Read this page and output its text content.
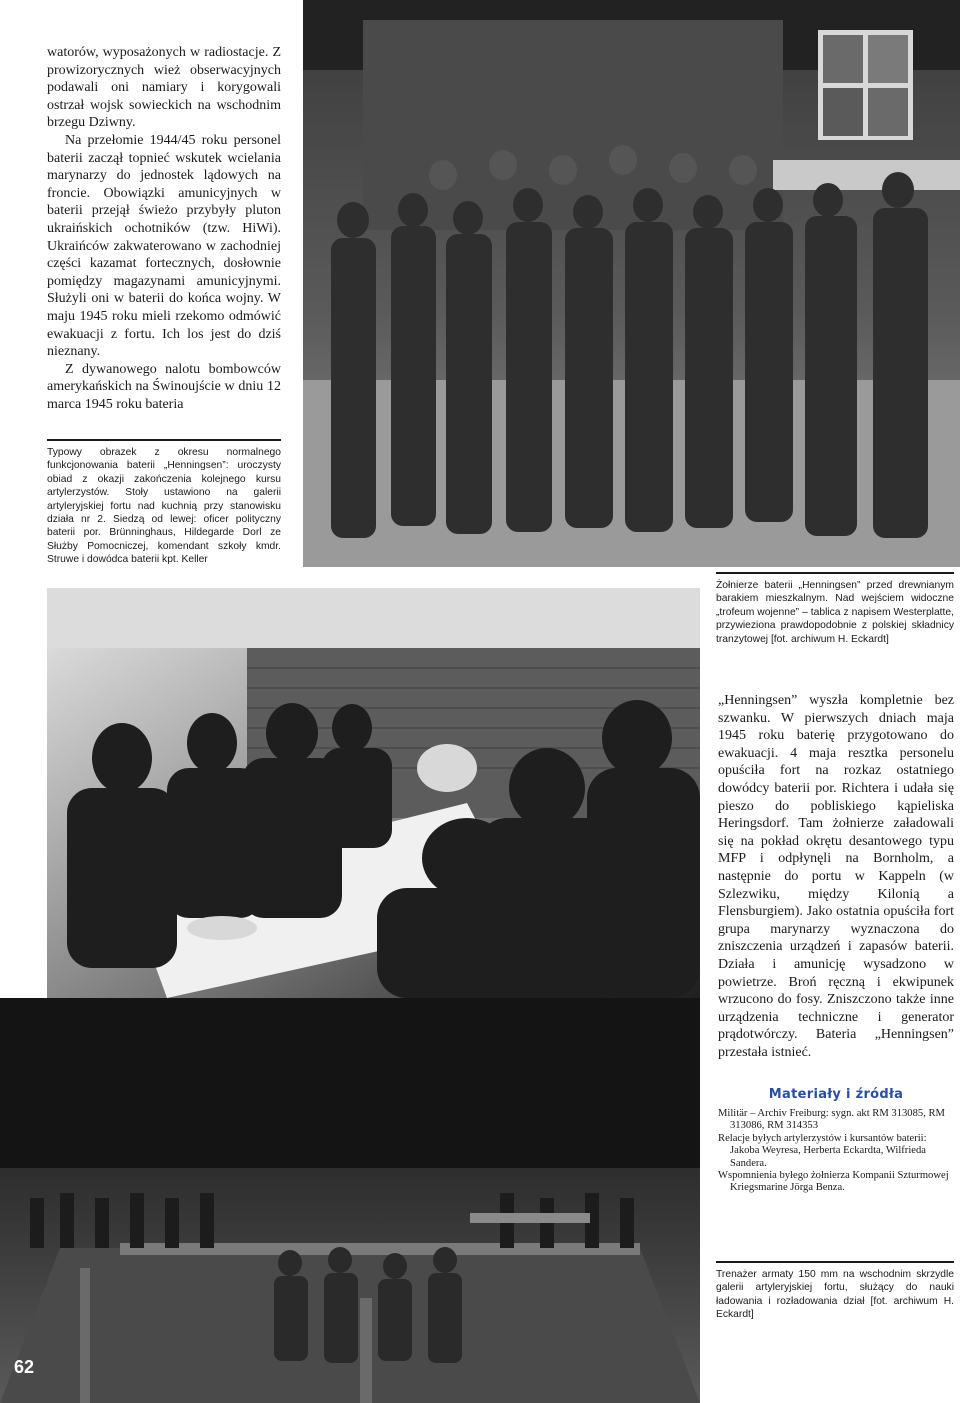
watorów, wyposażonych w radiostacje. Z prowizorycznych wież obserwacyjnych podawali oni namiary i korygowali ostrzał wojsk sowieckich na wschodnim brzegu Dziwny.

Na przełomie 1944/45 roku personel baterii zaczął topnieć wskutek wcielania marynarzy do jednostek lądowych na froncie. Obowiązki amunicyjnych w baterii przejął świeżo przybyły pluton ukraińskich ochotników (tzw. HiWi). Ukraińców zakwaterowano w zachodniej części kazamat fortecznych, dosłownie pomiędzy magazynami amunicyjnymi. Służyli oni w baterii do końca wojny. W maju 1945 roku mieli rzekomo odmówić ewakuacji z fortu. Ich los jest do dziś nieznany.

Z dywanowego nalotu bombowców amerykańskich na Świnoujście w dniu 12 marca 1945 roku bateria

Typowy obrazek z okresu normalnego funkcjonowania baterii „Henningsen”: uroczysty obiad z okazji zakończenia kolejnego kursu artylerzystów. Stoły ustawiono na galerii artyleryjskiej fortu nad kuchnią przy stanowisku działa nr 2. Siedzą od lewej: oficer polityczny baterii por. Brünninghaus, Hildegarde Dorl ze Służby Pomocniczej, komendant szkoły kmdr. Struwe i dowódca baterii kpt. Keller
Żołnierze baterii „Henningsen” przed drewnianym barakiem mieszkalnym. Nad wejściem widoczne „trofeum wojenne” – tablica z napisem Westerplatte, przywieziona prawdopodobnie z polskiej składnicy tranzytowej [fot. archiwum H. Eckardt]

„Henningsen” wyszła kompletnie bez szwanku. W pierwszych dniach maja 1945 roku baterię przygotowano do ewakuacji. 4 maja resztka personelu opuściła fort na rozkaz ostatniego dowódcy baterii por. Richtera i udała się pieszo do pobliskiego kąpieliska Heringsdorf. Tam żołnierze załadowali się na pokład okrętu desantowego typu MFP i odpłynęli na Bornholm, a następnie do portu w Kappeln (w Szlezwiku, między Kilonią a Flensburgiem). Jako ostatnia opuściła fort grupa marynarzy wyznaczona do zniszczenia urządzeń i zapasów baterii. Działa i amunicję wysadzono w powietrze. Broń ręczną i ekwipunek wrzucono do fosy. Zniszczono także inne urządzenia techniczne i generator prądotwórczy. Bateria „Henningsen” przestała istnieć.

Materiały i źródła

Militär – Archiv Freiburg: sygn. akt RM 313085, RM 313086, RM 314353

Relacje byłych artylerzystów i kursantów baterii: Jakoba Weyresa, Herberta Eckardta, Wilfrieda Sandera.

Wspomnienia byłego żołnierza Kompanii Szturmowej Kriegsmarine Jörga Benza.

Trenażer armaty 150 mm na wschodnim skrzydle galerii artyleryjskiej fortu, służący do nauki ładowania i rozładowania dział [fot. archiwum H. Eckardt]
62
